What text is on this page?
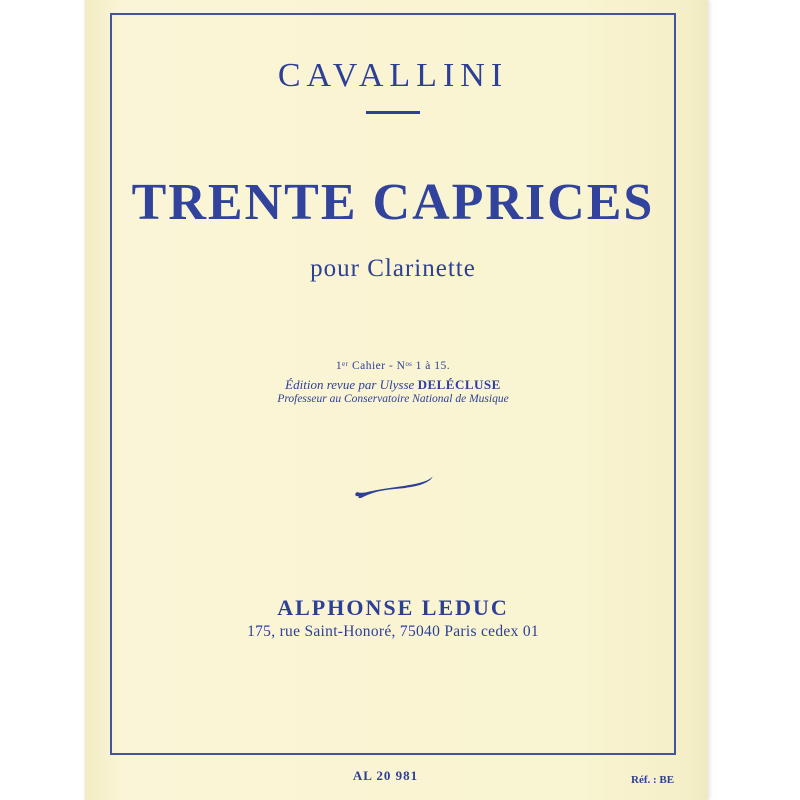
CAVALLINI
TRENTE CAPRICES
pour Clarinette
1ᵉʳ Cahier - Nᵒˢ 1 à 15.
Édition revue par Ulysse DELÉCLUSE
Professeur au Conservatoire National de Musique
ALPHONSE LEDUC
175, rue Saint-Honoré, 75040 Paris cedex 01
AL 20 981	Réf. : BE
